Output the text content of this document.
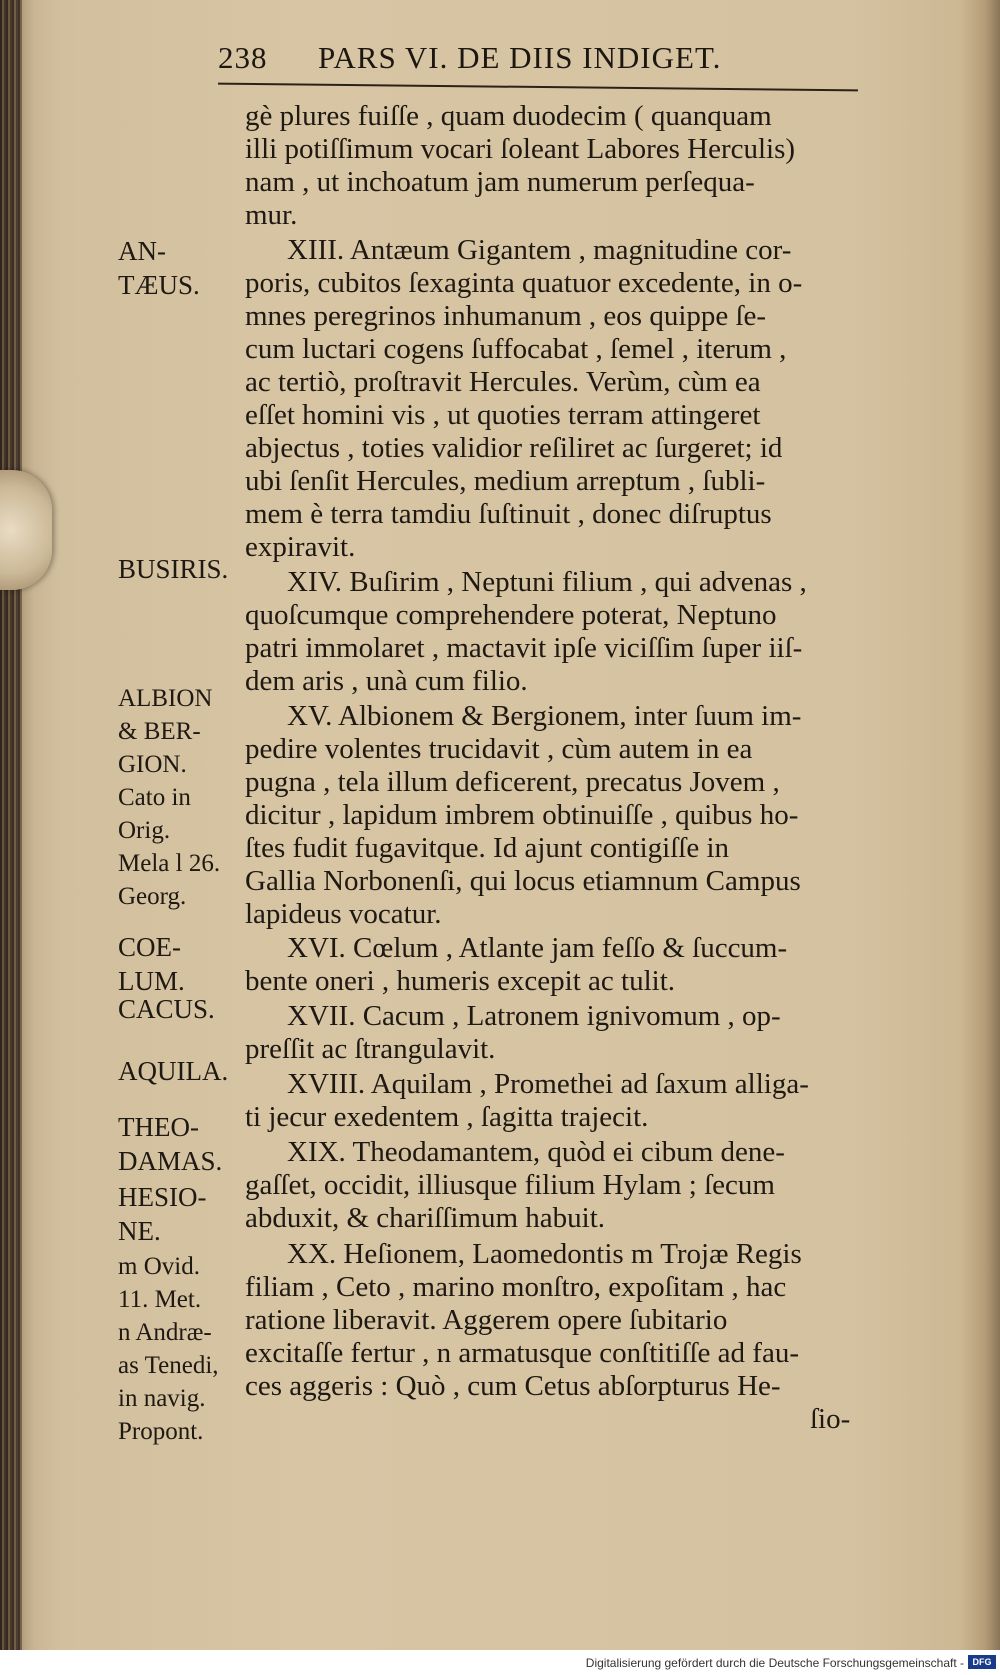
238 PARS VI. DE DIIS INDIGET.
AN-
TÆUS.
BUSIRIS.
ALBION
& BER-
GION.
Cato in
Orig.
Mela l 26.
Georg.
COE-
LUM.
CACUS.
AQUILA.
THEO-
DAMAS.
HESIO-
NE.
m Ovid.
11. Met.
n Andræ-
as Tenedi,
in navig.
Propont.
gè plures fuiſſe , quam duodecim ( quanquam
illi potiſſimum vocari ſoleant Labores Herculis)
nam , ut inchoatum jam numerum perſequa-
mur.
XIII. Antæum Gigantem , magnitudine cor-
poris, cubitos ſexaginta quatuor excedente, in o-
mnes peregrinos inhumanum , eos quippe ſe-
cum luctari cogens ſuffocabat , ſemel , iterum ,
ac tertiò, proſtravit Hercules. Verùm, cùm ea
eſſet homini vis , ut quoties terram attingeret
abjectus , toties validior reſiliret ac ſurgeret; id
ubi ſenſit Hercules, medium arreptum , ſubli-
mem è terra tamdiu ſuſtinuit , donec diſruptus
expiravit.
XIV. Buſirim , Neptuni filium , qui advenas ,
quoſcumque comprehendere poterat, Neptuno
patri immolaret , mactavit ipſe viciſſim ſuper iiſ-
dem aris , unà cum filio.
XV. Albionem & Bergionem, inter ſuum im-
pedire volentes trucidavit , cùm autem in ea
pugna , tela illum deficerent, precatus Jovem ,
dicitur , lapidum imbrem obtinuiſſe , quibus ho-
ſtes fudit fugavitque. Id ajunt contigiſſe in
Gallia Norbonenſi, qui locus etiamnum Campus
lapideus vocatur.
XVI. Cœlum , Atlante jam feſſo & ſuccum-
bente oneri , humeris excepit ac tulit.
XVII. Cacum , Latronem ignivomum , op-
preſſit ac ſtrangulavit.
XVIII. Aquilam , Promethei ad ſaxum alliga-
ti jecur exedentem , ſagitta trajecit.
XIX. Theodamantem, quòd ei cibum dene-
gaſſet, occidit, illiusque filium Hylam ; ſecum
abduxit, & chariſſimum habuit.
XX. Heſionem, Laomedontis m Trojæ Regis
filiam , Ceto , marino monſtro, expoſitam , hac
ratione liberavit. Aggerem opere ſubitario
excitaſſe fertur , n armatusque conſtitiſſe ad fau-
ces aggeris : Quò , cum Cetus abſorpturus He-
ſio-
Digitalisierung gefördert durch die Deutsche Forschungsgemeinschaft - DFG
